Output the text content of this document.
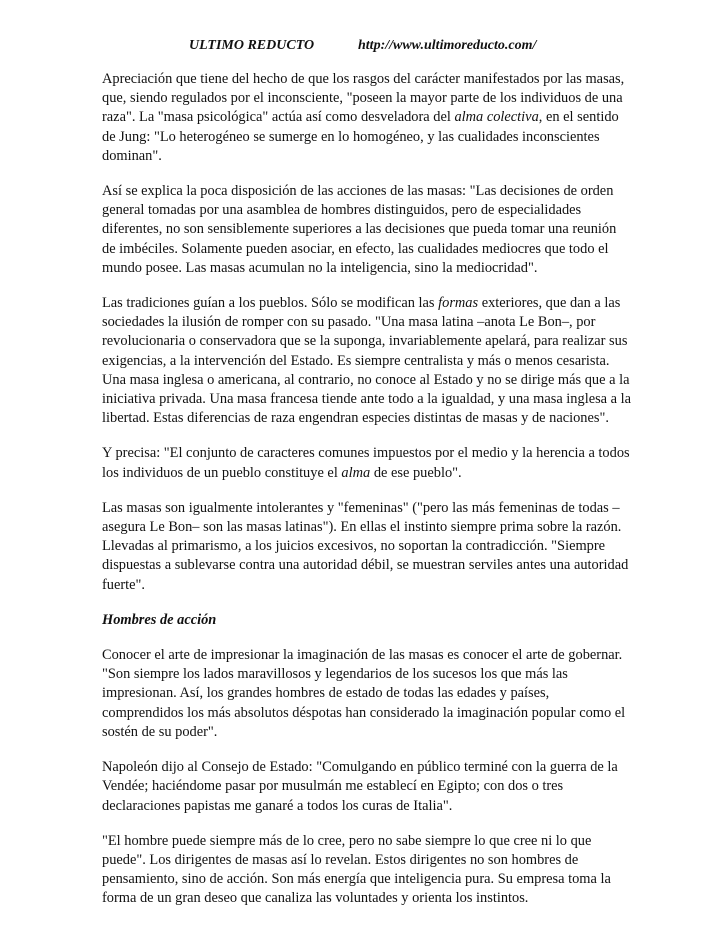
ULTIMO REDUCTO	http://www.ultimoreducto.com/

Apreciación que tiene del hecho de que los rasgos del carácter manifestados por las masas, que, siendo regulados por el inconsciente, "poseen la mayor parte de los individuos de una raza". La "masa psicológica" actúa así como desveladora del alma colectiva, en el sentido de Jung: "Lo heterogéneo se sumerge en lo homogéneo, y las cualidades inconscientes dominan".

Así se explica la poca disposición de las acciones de las masas: "Las decisiones de orden general tomadas por una asamblea de hombres distinguidos, pero de especialidades diferentes, no son sensiblemente superiores a las decisiones que pueda tomar una reunión de imbéciles. Solamente pueden asociar, en efecto, las cualidades mediocres que todo el mundo posee. Las masas acumulan no la inteligencia, sino la mediocridad".

Las tradiciones guían a los pueblos. Sólo se modifican las formas exteriores, que dan a las sociedades la ilusión de romper con su pasado. "Una masa latina –anota Le Bon–, por revolucionaria o conservadora que se la suponga, invariablemente apelará, para realizar sus exigencias, a la intervención del Estado. Es siempre centralista y más o menos cesarista. Una masa inglesa o americana, al contrario, no conoce al Estado y no se dirige más que a la iniciativa privada. Una masa francesa tiende ante todo a la igualdad, y una masa inglesa a la libertad. Estas diferencias de raza engendran especies distintas de masas y de naciones".

Y precisa: "El conjunto de caracteres comunes impuestos por el medio y la herencia a todos los individuos de un pueblo constituye el alma de ese pueblo".

Las masas son igualmente intolerantes y "femeninas" ("pero las más femeninas de todas –asegura Le Bon– son las masas latinas"). En ellas el instinto siempre prima sobre la razón. Llevadas al primarismo, a los juicios excesivos, no soportan la contradicción. "Siempre dispuestas a sublevarse contra una autoridad débil, se muestran serviles antes una autoridad fuerte".

Hombres de acción

Conocer el arte de impresionar la imaginación de las masas es conocer el arte de gobernar. "Son siempre los lados maravillosos y legendarios de los sucesos los que más las impresionan. Así, los grandes hombres de estado de todas las edades y países, comprendidos los más absolutos déspotas han considerado la imaginación popular como el sostén de su poder".

Napoleón dijo al Consejo de Estado: "Comulgando en público terminé con la guerra de la Vendée; haciéndome pasar por musulmán me establecí en Egipto; con dos o tres declaraciones papistas me ganaré a todos los curas de Italia".

"El hombre puede siempre más de lo cree, pero no sabe siempre lo que cree ni lo que puede". Los dirigentes de masas así lo revelan. Estos dirigentes no son hombres de pensamiento, sino de acción. Son más energía que inteligencia pura. Su empresa toma la forma de un gran deseo que canaliza las voluntades y orienta los instintos.
